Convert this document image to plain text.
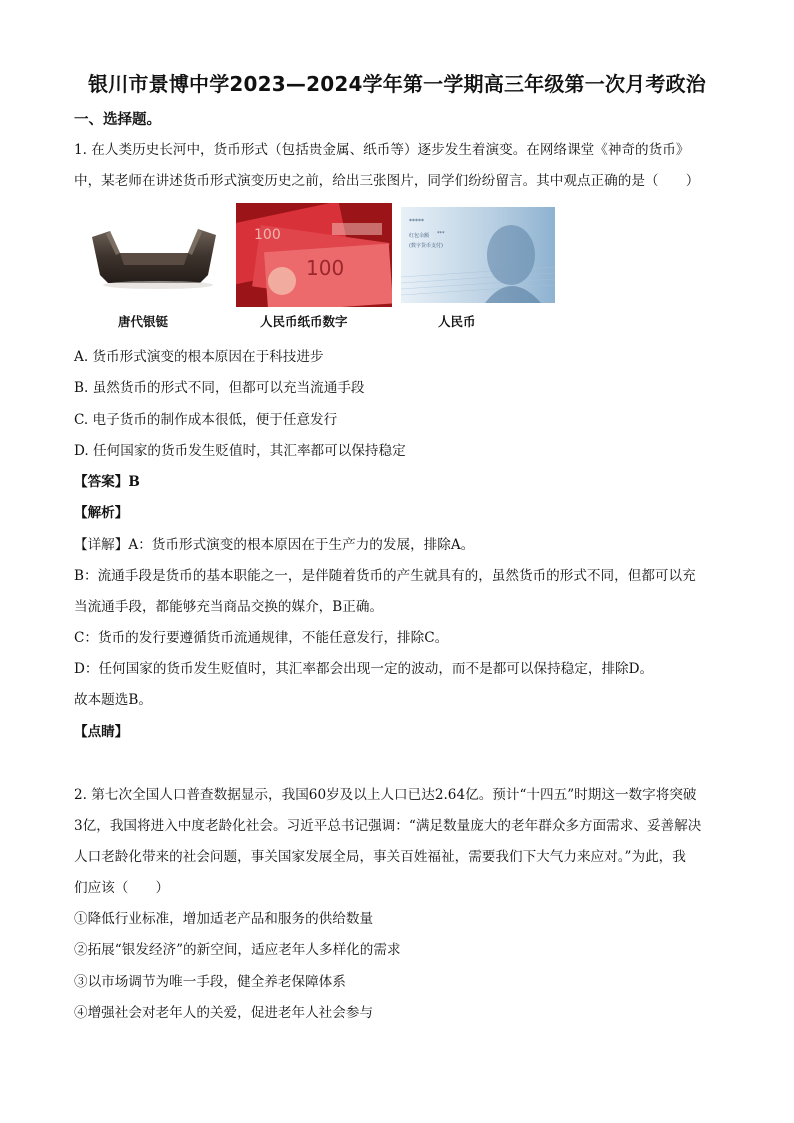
银川市景博中学2023—2024学年第一学期高三年级第一次月考政治
一、选择题。
1. 在人类历史长河中，货币形式（包括贵金属、纸币等）逐步发生着演变。在网络课堂《神奇的货币》
中，某老师在讲述货币形式演变历史之前，给出三张图片，同学们纷纷留言。其中观点正确的是（　　）
100
100
*****
红包余额 ***
(数字货币支付)
唐代银铤	人民币纸币数字	人民币
A. 货币形式演变的根本原因在于科技进步
B. 虽然货币的形式不同，但都可以充当流通手段
C. 电子货币的制作成本很低，便于任意发行
D. 任何国家的货币发生贬值时，其汇率都可以保持稳定
【答案】B
【解析】
【详解】A：货币形式演变的根本原因在于生产力的发展，排除A。
B：流通手段是货币的基本职能之一，是伴随着货币的产生就具有的，虽然货币的形式不同，但都可以充
当流通手段，都能够充当商品交换的媒介，B正确。
C：货币的发行要遵循货币流通规律，不能任意发行，排除C。
D：任何国家的货币发生贬值时，其汇率都会出现一定的波动，而不是都可以保持稳定，排除D。
故本题选B。
【点睛】
2. 第七次全国人口普查数据显示，我国60岁及以上人口已达2.64亿。预计“十四五”时期这一数字将突破
3亿，我国将进入中度老龄化社会。习近平总书记强调：“满足数量庞大的老年群众多方面需求、妥善解决
人口老龄化带来的社会问题，事关国家发展全局，事关百姓福祉，需要我们下大气力来应对。”为此，我
们应该（　　）
①降低行业标准，增加适老产品和服务的供给数量
②拓展“银发经济”的新空间，适应老年人多样化的需求
③以市场调节为唯一手段，健全养老保障体系
④增强社会对老年人的关爱，促进老年人社会参与
